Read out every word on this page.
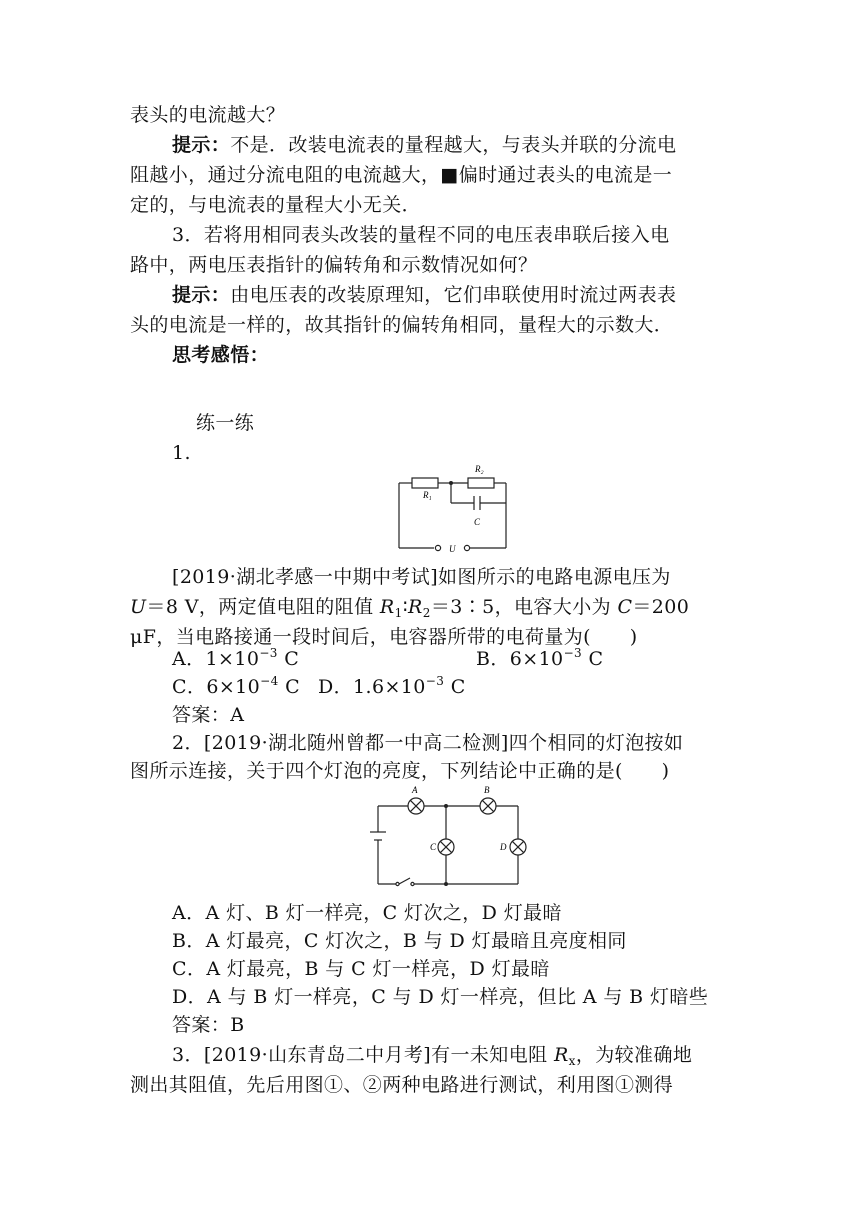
表头的电流越大？
提示：不是．改装电流表的量程越大，与表头并联的分流电
阻越小，通过分流电阻的电流越大，■偏时通过表头的电流是一
定的，与电流表的量程大小无关．
3．若将用相同表头改装的量程不同的电压表串联后接入电
路中，两电压表指针的偏转角和示数情况如何？
提示：由电压表的改装原理知，它们串联使用时流过两表表
头的电流是一样的，故其指针的偏转角相同，量程大的示数大．
思考感悟：
练一练
1.
R₁
R₂
C
U
[2019·湖北孝感一中期中考试]如图所示的电路电源电压为
U＝8 V，两定值电阻的阻值 $R_1∶R_2=3∶5$，电容大小为 C＝200
μF，当电路接通一段时间后，电容器所带的电荷量为(　　)
A．$1\times 10^{-3}$ C	B．$6\times 10^{-3}$ C
C．$6\times 10^{-4}$ C D．$1.6\times 10^{-3}$ C
答案：A
2．[2019·湖北随州曾都一中高二检测]四个相同的灯泡按如
图所示连接，关于四个灯泡的亮度，下列结论中正确的是(　　)
A	B
C	D
A．A 灯、B 灯一样亮，C 灯次之，D 灯最暗
B．A 灯最亮，C 灯次之，B 与 D 灯最暗且亮度相同
C．A 灯最亮，B 与 C 灯一样亮，D 灯最暗
D．A 与 B 灯一样亮，C 与 D 灯一样亮，但比 A 与 B 灯暗些
答案：B
3．[2019·山东青岛二中月考]有一未知电阻 $R_x$，为较准确地
测出其阻值，先后用图①、②两种电路进行测试，利用图①测得
